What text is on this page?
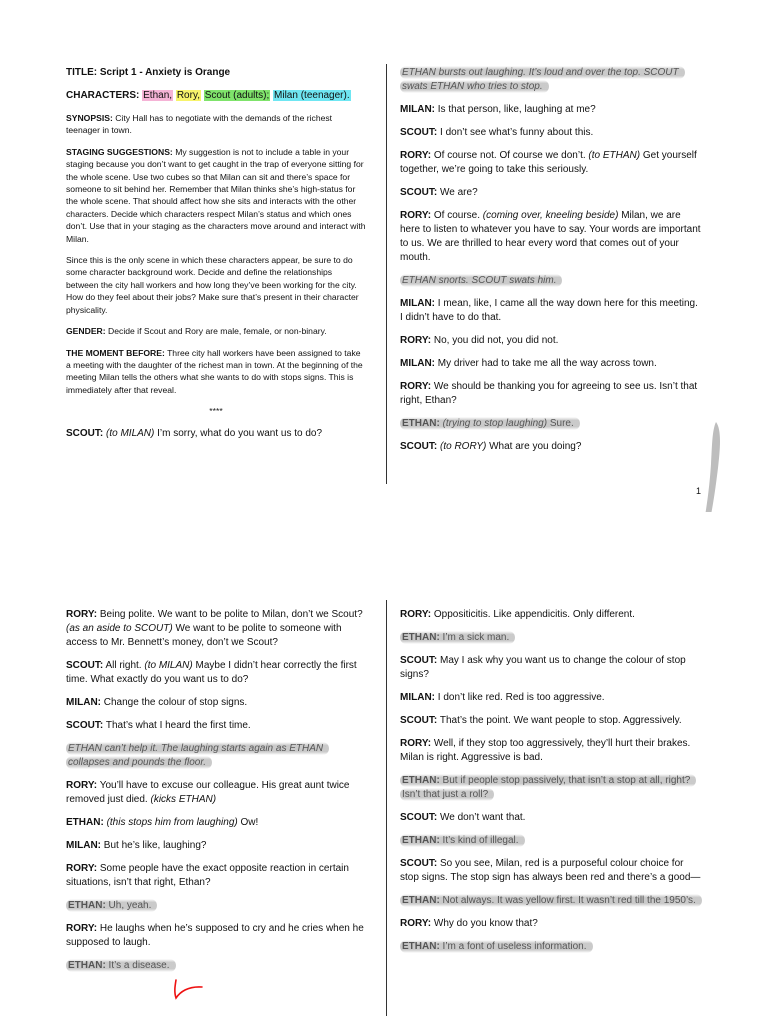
TITLE: Script 1 - Anxiety is Orange

CHARACTERS: Ethan, Rory, Scout (adults); Milan (teenager).

SYNOPSIS: City Hall has to negotiate with the demands of the richest teenager in town.

STAGING SUGGESTIONS: My suggestion is not to include a table in your staging because you don’t want to get caught in the trap of everyone sitting for the whole scene. Use two cubes so that Milan can sit and there’s space for someone to sit behind her. Remember that Milan thinks she’s high-status for the whole scene. That should affect how she sits and interacts with the other characters. Decide which characters respect Milan’s status and which ones don’t. Use that in your staging as the characters move around and interact with Milan.

Since this is the only scene in which these characters appear, be sure to do some character background work. Decide and define the relationships between the city hall workers and how long they’ve been working for the city. How do they feel about their jobs? Make sure that’s present in their character physicality.

GENDER: Decide if Scout and Rory are male, female, or non-binary.

THE MOMENT BEFORE: Three city hall workers have been assigned to take a meeting with the daughter of the richest man in town. At the beginning of the meeting Milan tells the others what she wants to do with stops signs. This is immediately after that reveal.

****

SCOUT: (to MILAN) I’m sorry, what do you want us to do?

ETHAN bursts out laughing. It’s loud and over the top. SCOUT swats ETHAN who tries to stop.

MILAN: Is that person, like, laughing at me?

SCOUT: I don’t see what’s funny about this.

RORY: Of course not. Of course we don’t. (to ETHAN) Get yourself together, we’re going to take this seriously.

SCOUT: We are?

RORY: Of course. (coming over, kneeling beside) Milan, we are here to listen to whatever you have to say. Your words are important to us. We are thrilled to hear every word that comes out of your mouth.

ETHAN snorts. SCOUT swats him.

MILAN: I mean, like, I came all the way down here for this meeting. I didn’t have to do that.

RORY: No, you did not, you did not.

MILAN: My driver had to take me all the way across town.

RORY: We should be thanking you for agreeing to see us. Isn’t that right, Ethan?

ETHAN: (trying to stop laughing) Sure.

SCOUT: (to RORY) What are you doing?

1

RORY: Being polite. We want to be polite to Milan, don’t we Scout? (as an aside to SCOUT) We want to be polite to someone with access to Mr. Bennett’s money, don’t we Scout?

SCOUT: All right. (to MILAN) Maybe I didn’t hear correctly the first time. What exactly do you want us to do?

MILAN: Change the colour of stop signs.

SCOUT: That’s what I heard the first time.

ETHAN can’t help it. The laughing starts again as ETHAN collapses and pounds the floor.

RORY: You’ll have to excuse our colleague. His great aunt twice removed just died. (kicks ETHAN)

ETHAN: (this stops him from laughing) Ow!

MILAN: But he’s like, laughing?

RORY: Some people have the exact opposite reaction in certain situations, isn’t that right, Ethan?

ETHAN: Uh, yeah.

RORY: He laughs when he’s supposed to cry and he cries when he supposed to laugh.

ETHAN: It’s a disease.

RORY: Oppositicitis. Like appendicitis. Only different.

ETHAN: I’m a sick man.

SCOUT: May I ask why you want us to change the colour of stop signs?

MILAN: I don’t like red. Red is too aggressive.

SCOUT: That’s the point. We want people to stop. Aggressively.

RORY: Well, if they stop too aggressively, they’ll hurt their brakes. Milan is right. Aggressive is bad.

ETHAN: But if people stop passively, that isn’t a stop at all, right? Isn’t that just a roll?

SCOUT: We don’t want that.

ETHAN: It’s kind of illegal.

SCOUT: So you see, Milan, red is a purposeful colour choice for stop signs. The stop sign has always been red and there’s a good—

ETHAN: Not always. It was yellow first. It wasn’t red till the 1950’s.

RORY: Why do you know that?

ETHAN: I’m a font of useless information.
